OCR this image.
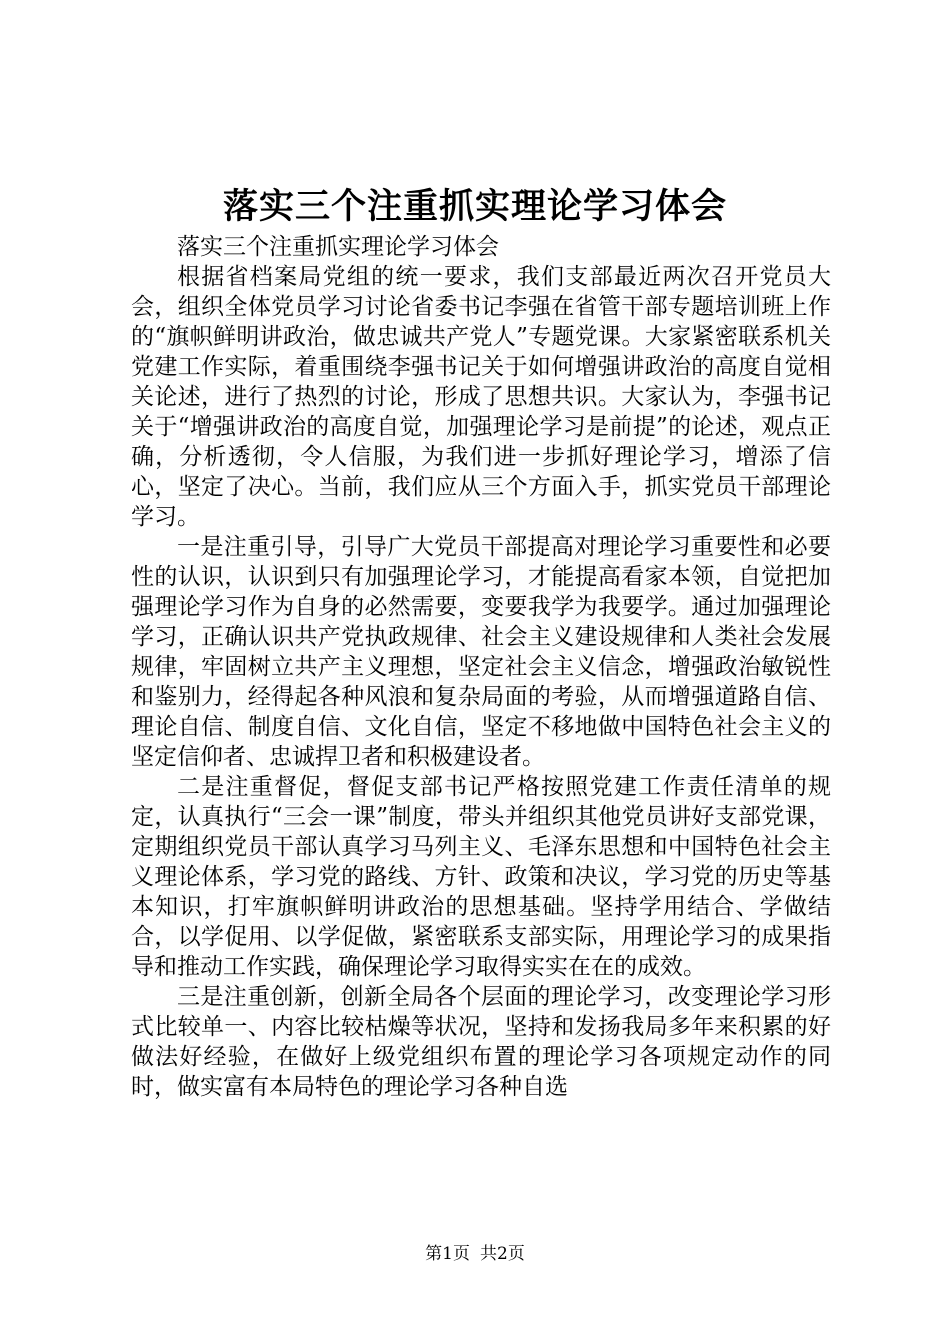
落实三个注重抓实理论学习体会

落实三个注重抓实理论学习体会

根据省档案局党组的统一要求，我们支部最近两次召开党员大会，组织全体党员学习讨论省委书记李强在省管干部专题培训班上作的“旗帜鲜明讲政治，做忠诚共产党人”专题党课。大家紧密联系机关党建工作实际，着重围绕李强书记关于如何增强讲政治的高度自觉相关论述，进行了热烈的讨论，形成了思想共识。大家认为，李强书记关于“增强讲政治的高度自觉，加强理论学习是前提”的论述，观点正确，分析透彻，令人信服，为我们进一步抓好理论学习，增添了信心，坚定了决心。当前，我们应从三个方面入手，抓实党员干部理论学习。

一是注重引导，引导广大党员干部提高对理论学习重要性和必要性的认识，认识到只有加强理论学习，才能提高看家本领，自觉把加强理论学习作为自身的必然需要，变要我学为我要学。通过加强理论学习，正确认识共产党执政规律、社会主义建设规律和人类社会发展规律，牢固树立共产主义理想，坚定社会主义信念，增强政治敏锐性和鉴别力，经得起各种风浪和复杂局面的考验，从而增强道路自信、理论自信、制度自信、文化自信，坚定不移地做中国特色社会主义的坚定信仰者、忠诚捍卫者和积极建设者。

二是注重督促，督促支部书记严格按照党建工作责任清单的规定，认真执行“三会一课”制度，带头并组织其他党员讲好支部党课，定期组织党员干部认真学习马列主义、毛泽东思想和中国特色社会主义理论体系，学习党的路线、方针、政策和决议，学习党的历史等基本知识，打牢旗帜鲜明讲政治的思想基础。坚持学用结合、学做结合，以学促用、以学促做，紧密联系支部实际，用理论学习的成果指导和推动工作实践，确保理论学习取得实实在在的成效。

三是注重创新，创新全局各个层面的理论学习，改变理论学习形式比较单一、内容比较枯燥等状况，坚持和发扬我局多年来积累的好做法好经验，在做好上级党组织布置的理论学习各项规定动作的同时，做实富有本局特色的理论学习各种自选

第1页 共2页
